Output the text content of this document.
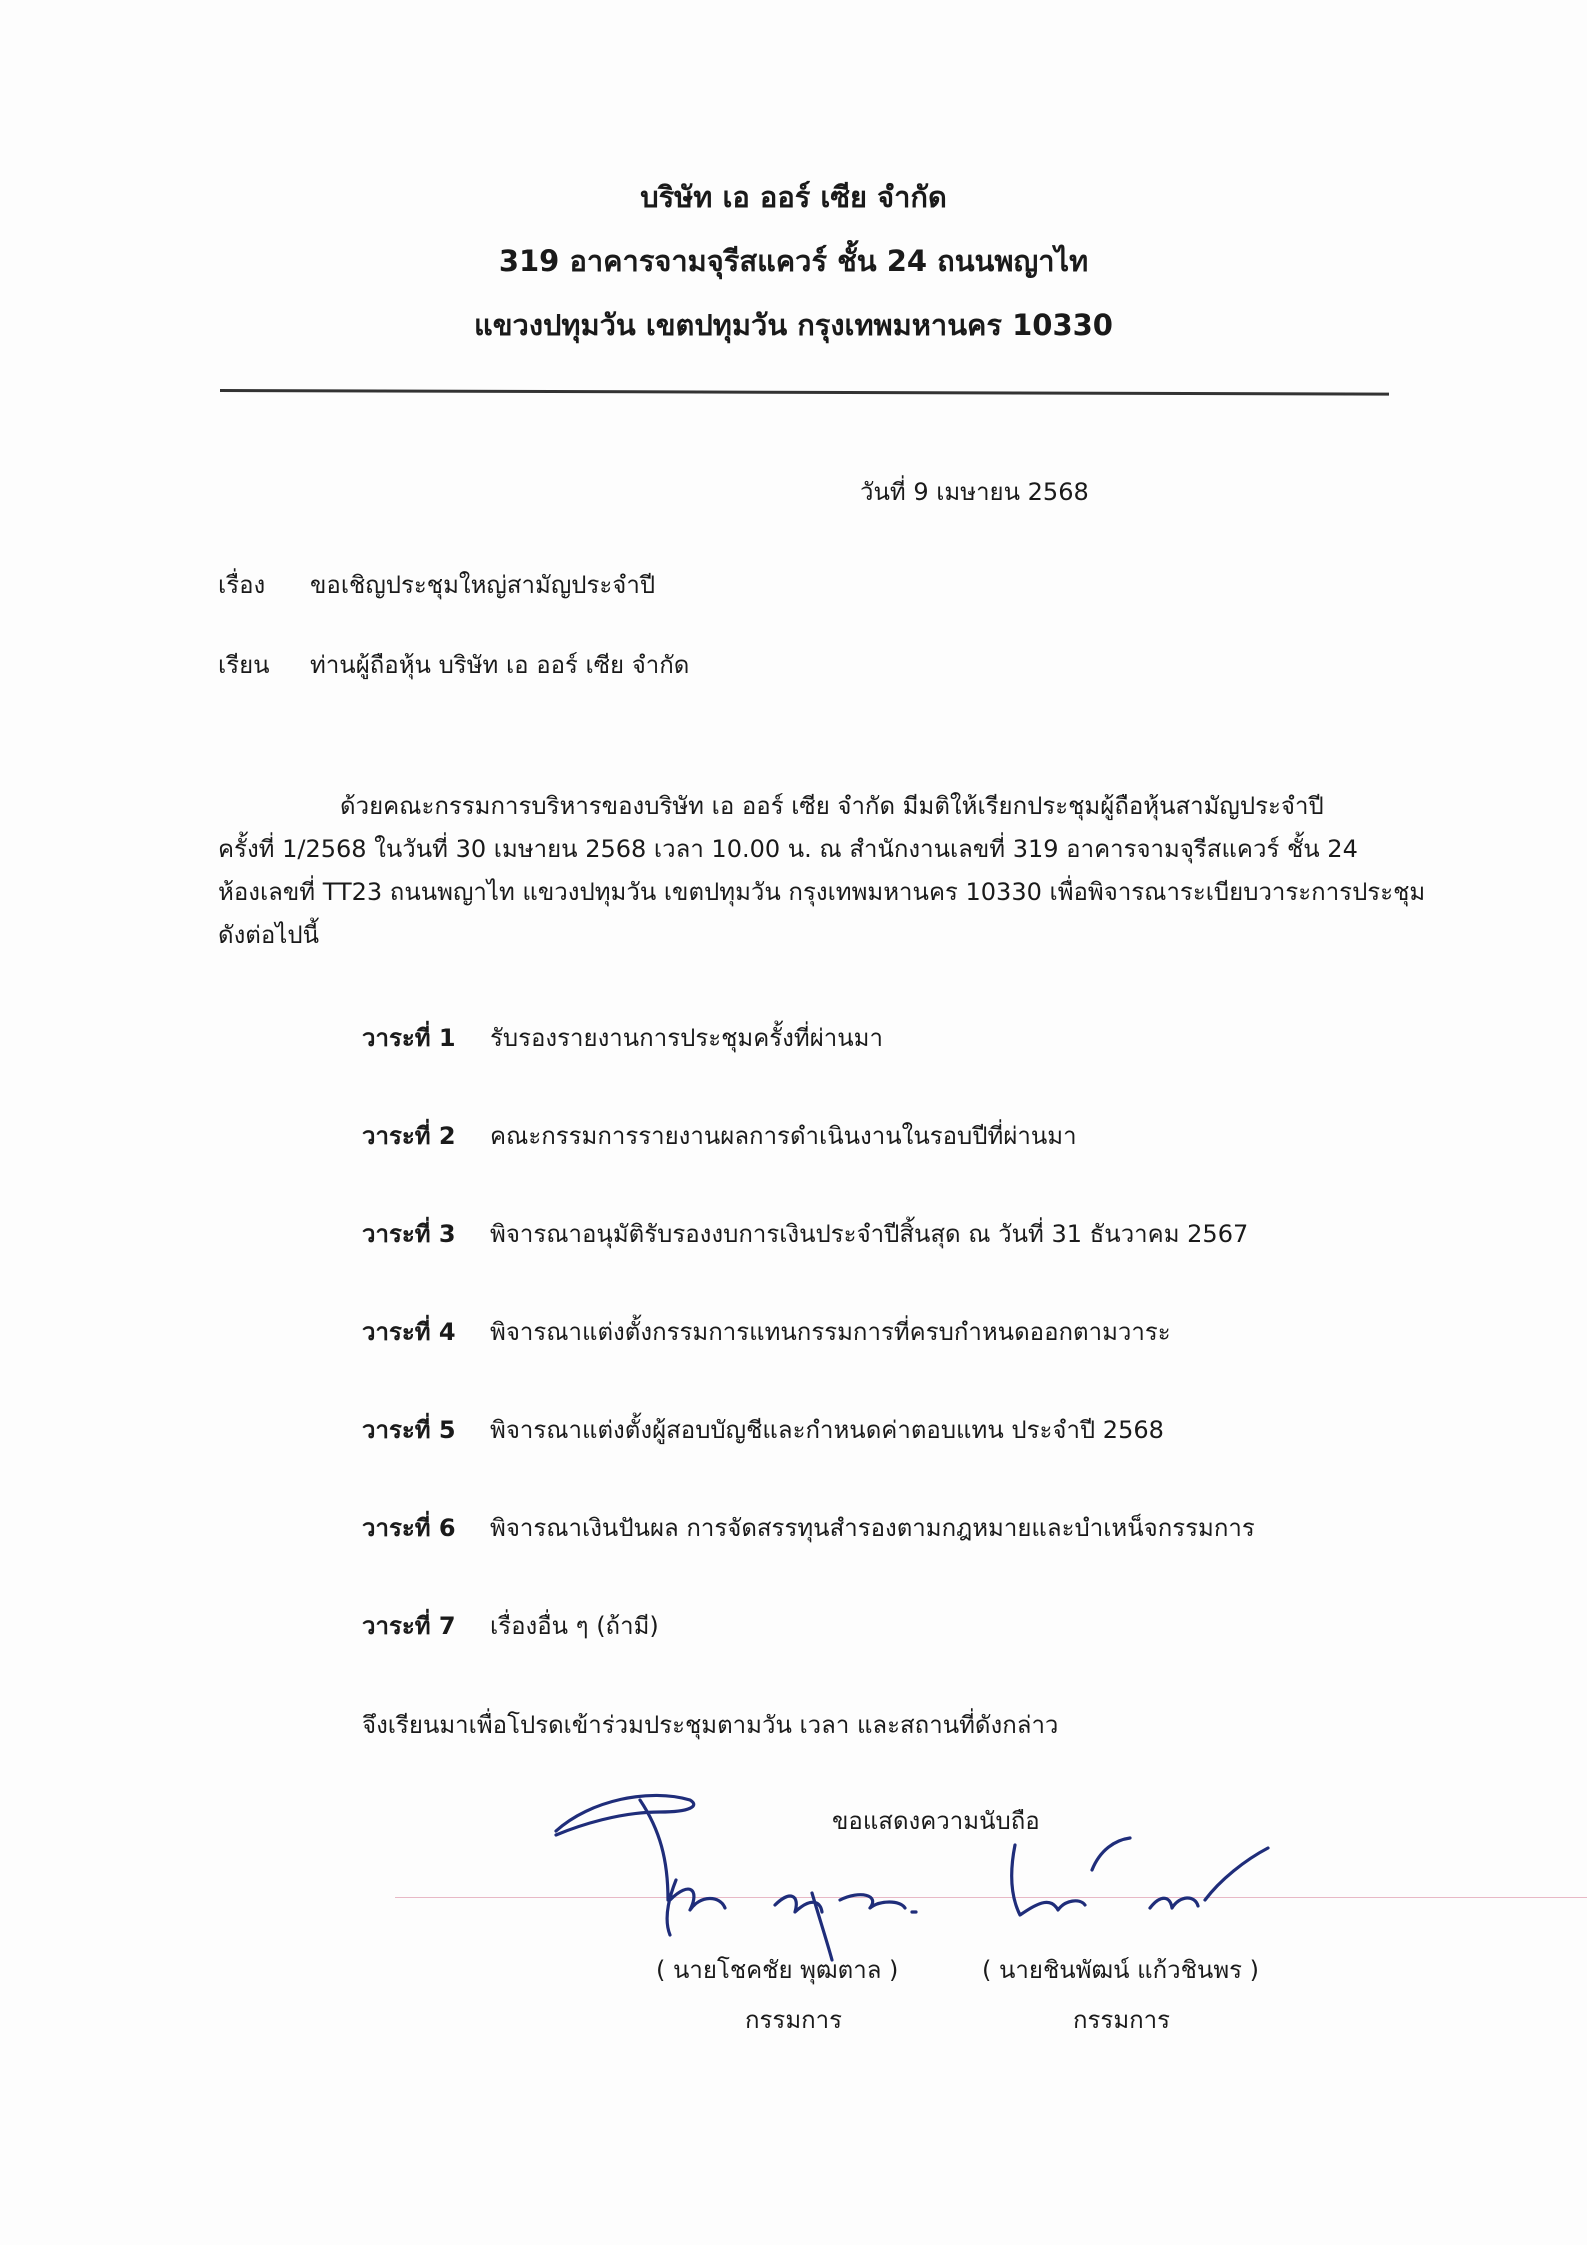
บริษัท เอ ออร์ เซีย จำกัด
319 อาคารจามจุรีสแควร์ ชั้น 24 ถนนพญาไท
แขวงปทุมวัน เขตปทุมวัน กรุงเทพมหานคร 10330
วันที่ 9 เมษายน 2568
เรื่อง ขอเชิญประชุมใหญ่สามัญประจำปี
เรียน ท่านผู้ถือหุ้น บริษัท เอ ออร์ เซีย จำกัด
ด้วยคณะกรรมการบริหารของบริษัท เอ ออร์ เซีย จำกัด มีมติให้เรียกประชุมผู้ถือหุ้นสามัญประจำปี
ครั้งที่ 1/2568 ในวันที่ 30 เมษายน 2568 เวลา 10.00 น. ณ สำนักงานเลขที่ 319 อาคารจามจุรีสแควร์ ชั้น 24
ห้องเลขที่ TT23 ถนนพญาไท แขวงปทุมวัน เขตปทุมวัน กรุงเทพมหานคร 10330 เพื่อพิจารณาระเบียบวาระการประชุม
ดังต่อไปนี้
วาระที่ 1 รับรองรายงานการประชุมครั้งที่ผ่านมา
วาระที่ 2 คณะกรรมการรายงานผลการดำเนินงานในรอบปีที่ผ่านมา
วาระที่ 3 พิจารณาอนุมัติรับรองงบการเงินประจำปีสิ้นสุด ณ วันที่ 31 ธันวาคม 2567
วาระที่ 4 พิจารณาแต่งตั้งกรรมการแทนกรรมการที่ครบกำหนดออกตามวาระ
วาระที่ 5 พิจารณาแต่งตั้งผู้สอบบัญชีและกำหนดค่าตอบแทน ประจำปี 2568
วาระที่ 6 พิจารณาเงินปันผล การจัดสรรทุนสำรองตามกฎหมายและบำเหน็จกรรมการ
วาระที่ 7 เรื่องอื่น ๆ (ถ้ามี)
จึงเรียนมาเพื่อโปรดเข้าร่วมประชุมตามวัน เวลา และสถานที่ดังกล่าว
ขอแสดงความนับถือ
( นายโชคชัย พุฒตาล )
กรรมการ
( นายชินพัฒน์ แก้วชินพร )
กรรมการ
